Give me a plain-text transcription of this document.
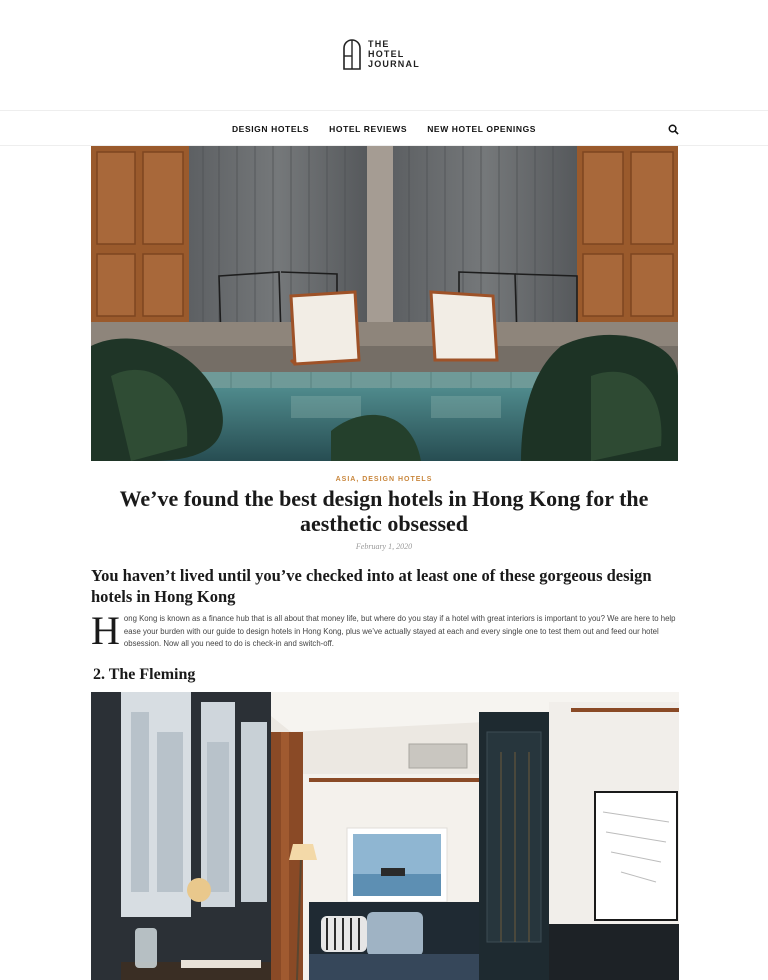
THE
HOTEL
JOURNAL
DESIGN HOTELS HOTEL REVIEWS NEW HOTEL OPENINGS
ASIA, DESIGN HOTELS
We’ve found the best design hotels in Hong Kong for the aesthetic obsessed
February 1, 2020
You haven’t lived until you’ve checked into at least one of these gorgeous design hotels in Hong Kong
H ong Kong is known as a finance hub that is all about that money life, but where do you stay if a hotel with great interiors is important to you? We are here to help ease your burden with our guide to design hotels in Hong Kong, plus we’ve actually stayed at each and every single one to test them out and feed our hotel obsession. Now all you need to do is check-in and switch-off.

2. The Fleming
